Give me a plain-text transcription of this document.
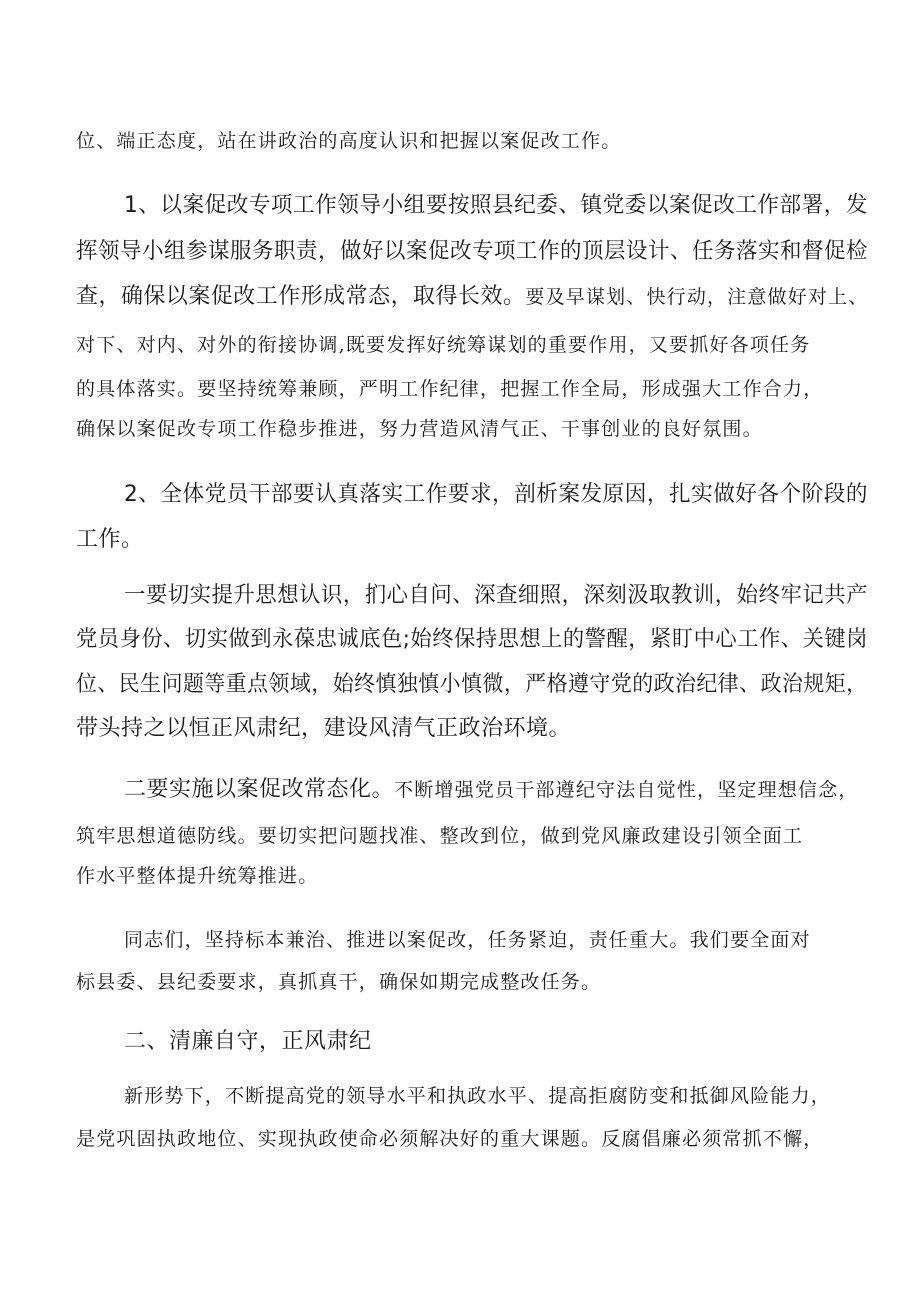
位、端正态度，站在讲政治的高度认识和把握以案促改工作。
1、以案促改专项工作领导小组要按照县纪委、镇党委以案促改工作部署，发
挥领导小组参谋服务职责，做好以案促改专项工作的顶层设计、任务落实和督促检
查，确保以案促改工作形成常态，取得长效。要及早谋划、快行动，注意做好对上、
对下、对内、对外的衔接协调,既要发挥好统筹谋划的重要作用，又要抓好各项任务
的具体落实。要坚持统筹兼顾，严明工作纪律，把握工作全局，形成强大工作合力，
确保以案促改专项工作稳步推进，努力营造风清气正、干事创业的良好氛围。
2、全体党员干部要认真落实工作要求，剖析案发原因，扎实做好各个阶段的
工作。
一要切实提升思想认识，扪心自问、深查细照，深刻汲取教训，始终牢记共产
党员身份、切实做到永葆忠诚底色;始终保持思想上的警醒，紧盯中心工作、关键岗
位、民生问题等重点领域，始终慎独慎小慎微，严格遵守党的政治纪律、政治规矩，
带头持之以恒正风肃纪，建设风清气正政治环境。
二要实施以案促改常态化。不断增强党员干部遵纪守法自觉性，坚定理想信念，
筑牢思想道德防线。要切实把问题找准、整改到位，做到党风廉政建设引领全面工
作水平整体提升统筹推进。
同志们，坚持标本兼治、推进以案促改，任务紧迫，责任重大。我们要全面对
标县委、县纪委要求，真抓真干，确保如期完成整改任务。
二、清廉自守，正风肃纪
新形势下，不断提高党的领导水平和执政水平、提高拒腐防变和抵御风险能力，
是党巩固执政地位、实现执政使命必须解决好的重大课题。反腐倡廉必须常抓不懈，
